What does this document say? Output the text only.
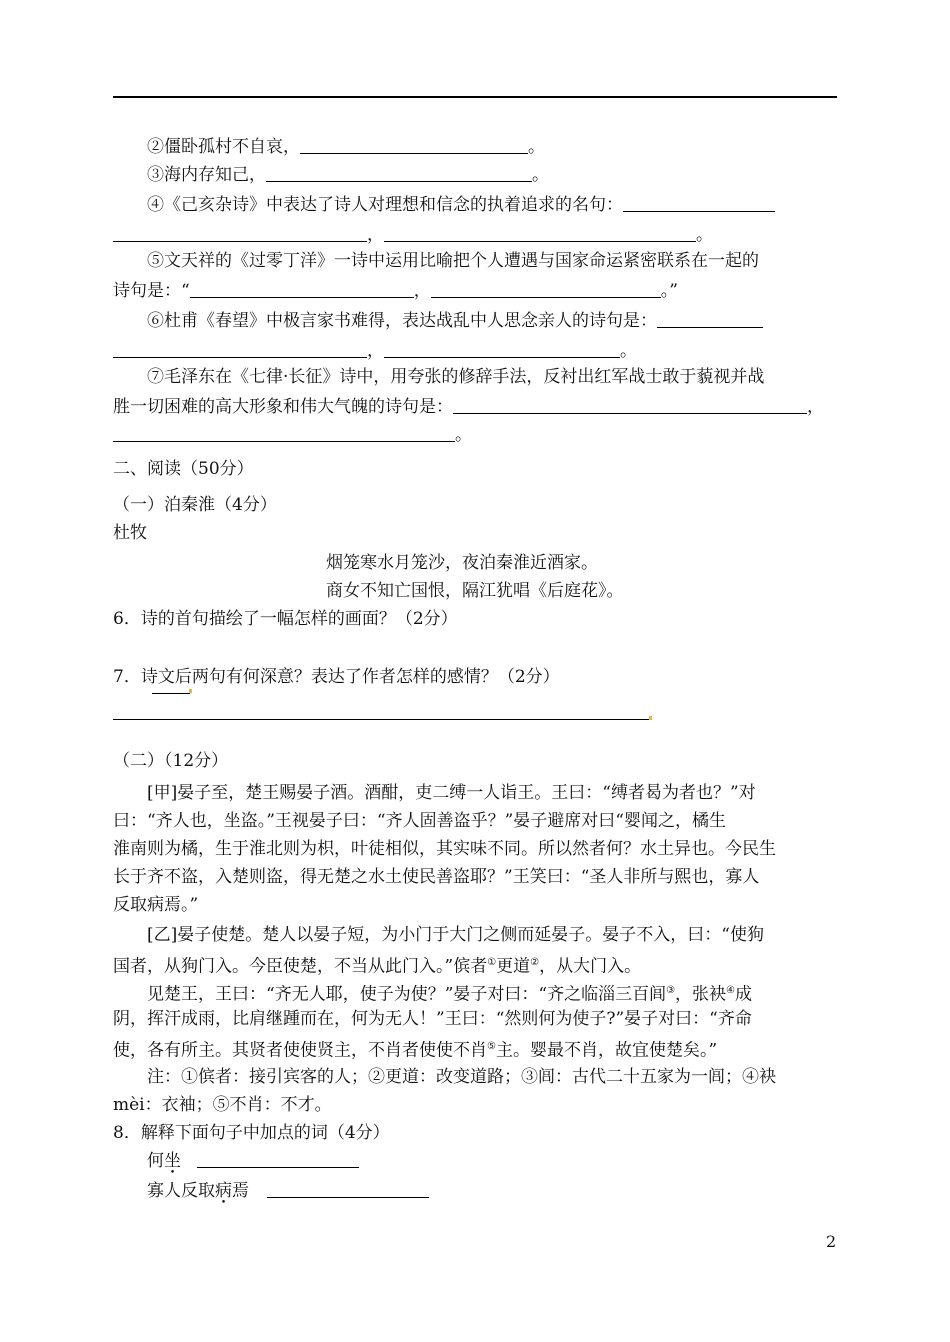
②僵卧孤村不自哀，	。
③海内存知己，	。
④《己亥杂诗》中表达了诗人对理想和信念的执着追求的名句：
，	。
⑤文天祥的《过零丁洋》一诗中运用比喻把个人遭遇与国家命运紧密联系在一起的
诗句是：“	，	。”
⑥杜甫《春望》中极言家书难得，表达战乱中人思念亲人的诗句是：
，	。
⑦毛泽东在《七律·长征》诗中，用夸张的修辞手法，反衬出红军战士敢于藐视并战
胜一切困难的高大形象和伟大气魄的诗句是：	，
。
二、阅读（50分）
（一）泊秦淮（4分）
杜牧
烟笼寒水月笼沙，夜泊秦淮近酒家。
商女不知亡国恨，隔江犹唱《后庭花》。
6．诗的首句描绘了一幅怎样的画面？（2分）
7．诗文后两句有何深意？表达了作者怎样的感情？（2分）
（二）（12分）
[甲]晏子至，楚王赐晏子酒。酒酣，吏二缚一人诣王。王曰：“缚者曷为者也？”对
曰：“齐人也，坐盗。”王视晏子曰：“齐人固善盗乎？”晏子避席对曰“婴闻之，橘生
淮南则为橘，生于淮北则为枳，叶徒相似，其实味不同。所以然者何？水土异也。今民生
长于齐不盗，入楚则盗，得无楚之水土使民善盗耶？”王笑曰：“圣人非所与熙也，寡人
反取病焉。”
[乙]晏子使楚。楚人以晏子短，为小门于大门之侧而延晏子。晏子不入，曰：“使狗
国者，从狗门入。今臣使楚，不当从此门入。”傧者①更道②，从大门入。
见楚王，王曰：“齐无人耶，使子为使？”晏子对曰：“齐之临淄三百闾③，张袂④成
阴，挥汗成雨，比肩继踵而在，何为无人！”王曰：“然则何为使子?”晏子对曰：“齐命
使，各有所主。其贤者使使贤主，不肖者使使不肖⑤主。婴最不肖，故宜使楚矣。”
注：①傧者：接引宾客的人；②更道：改变道路；③闾：古代二十五家为一闾；④袂
mèi：衣袖；⑤不肖：不才。
8．解释下面句子中加点的词（4分）
何坐
寡人反取病焉
2
